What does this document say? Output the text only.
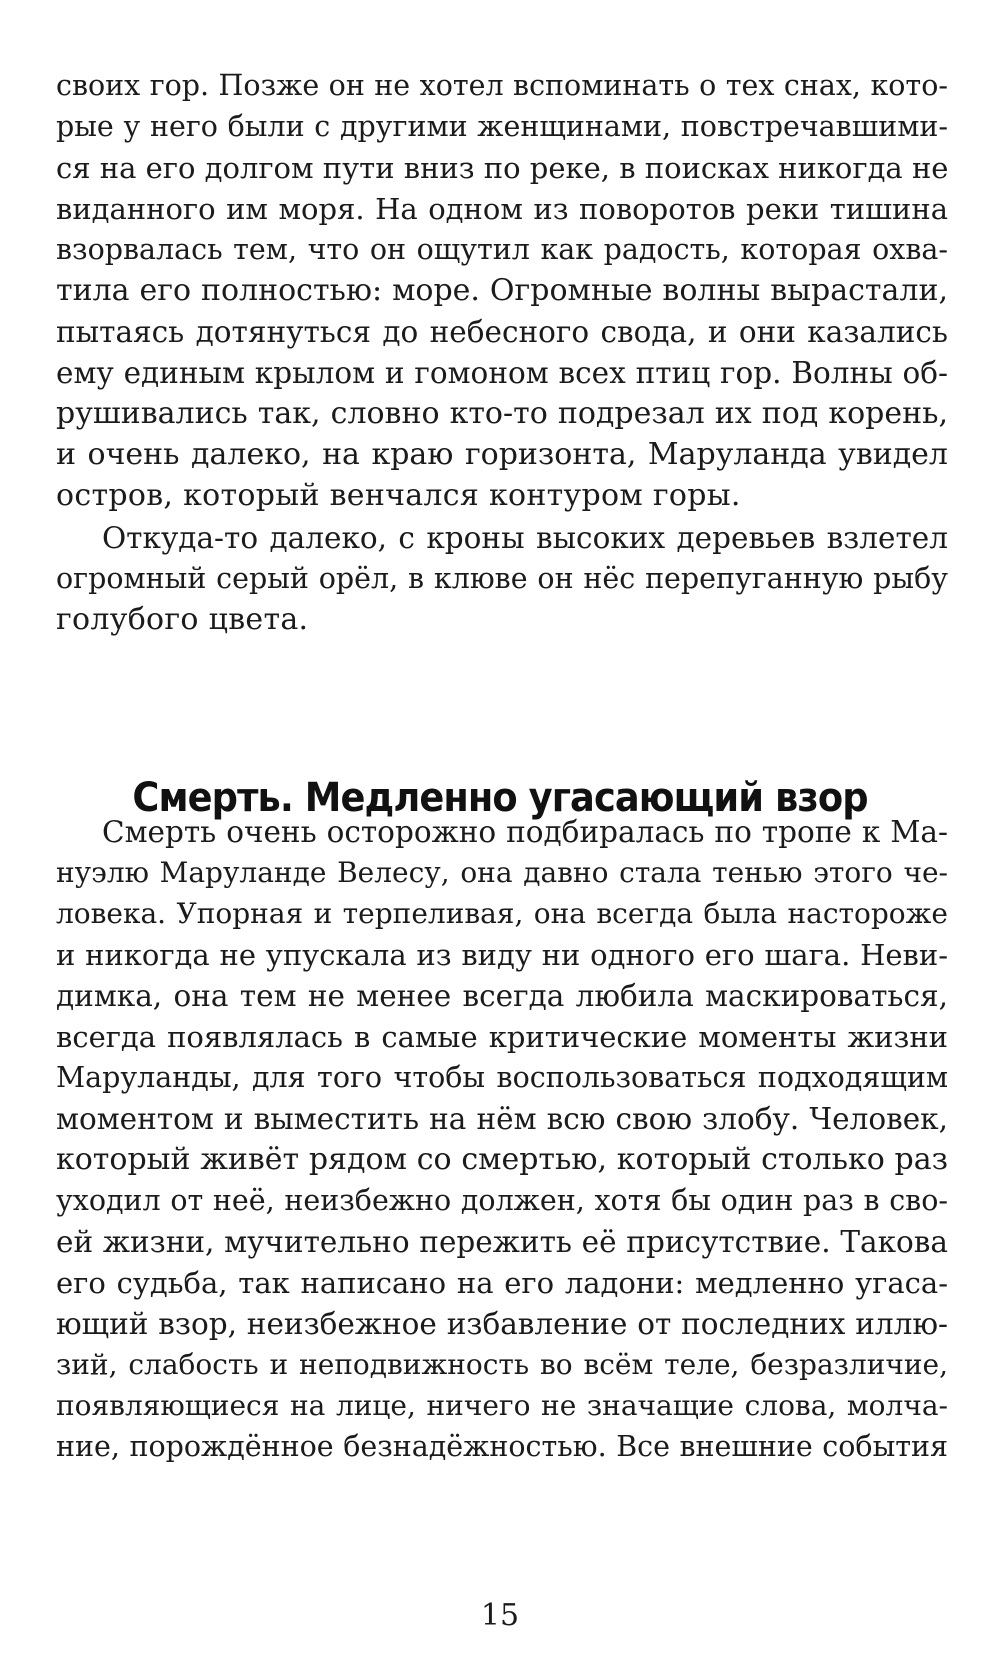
своих гор. Позже он не хотел вспоминать о тех снах, кото-
рые у него были с другими женщинами, повстречавшими-
ся на его долгом пути вниз по реке, в поисках никогда не
виданного им моря. На одном из поворотов реки тишина
взорвалась тем, что он ощутил как радость, которая охва-
тила его полностью: море. Огромные волны вырастали,
пытаясь дотянуться до небесного свода, и они казались
ему единым крылом и гомоном всех птиц гор. Волны об-
рушивались так, словно кто-то подрезал их под корень,
и очень далеко, на краю горизонта, Маруланда увидел
остров, который венчался контуром горы.
Откуда-то далеко, с кроны высоких деревьев взлетел
огромный серый орёл, в клюве он нёс перепуганную рыбу
голубого цвета.
Смерть. Медленно угасающий взор
Смерть очень осторожно подбиралась по тропе к Ма-
нуэлю Маруланде Велесу, она давно стала тенью этого че-
ловека. Упорная и терпеливая, она всегда была настороже
и никогда не упускала из виду ни одного его шага. Неви-
димка, она тем не менее всегда любила маскироваться,
всегда появлялась в самые критические моменты жизни
Маруланды, для того чтобы воспользоваться подходящим
моментом и выместить на нём всю свою злобу. Человек,
который живёт рядом со смертью, который столько раз
уходил от неё, неизбежно должен, хотя бы один раз в сво-
ей жизни, мучительно пережить её присутствие. Такова
его судьба, так написано на его ладони: медленно угаса-
ющий взор, неизбежное избавление от последних иллю-
зий, слабость и неподвижность во всём теле, безразличие,
появляющиеся на лице, ничего не значащие слова, молча-
ние, порождённое безнадёжностью. Все внешние события
15
